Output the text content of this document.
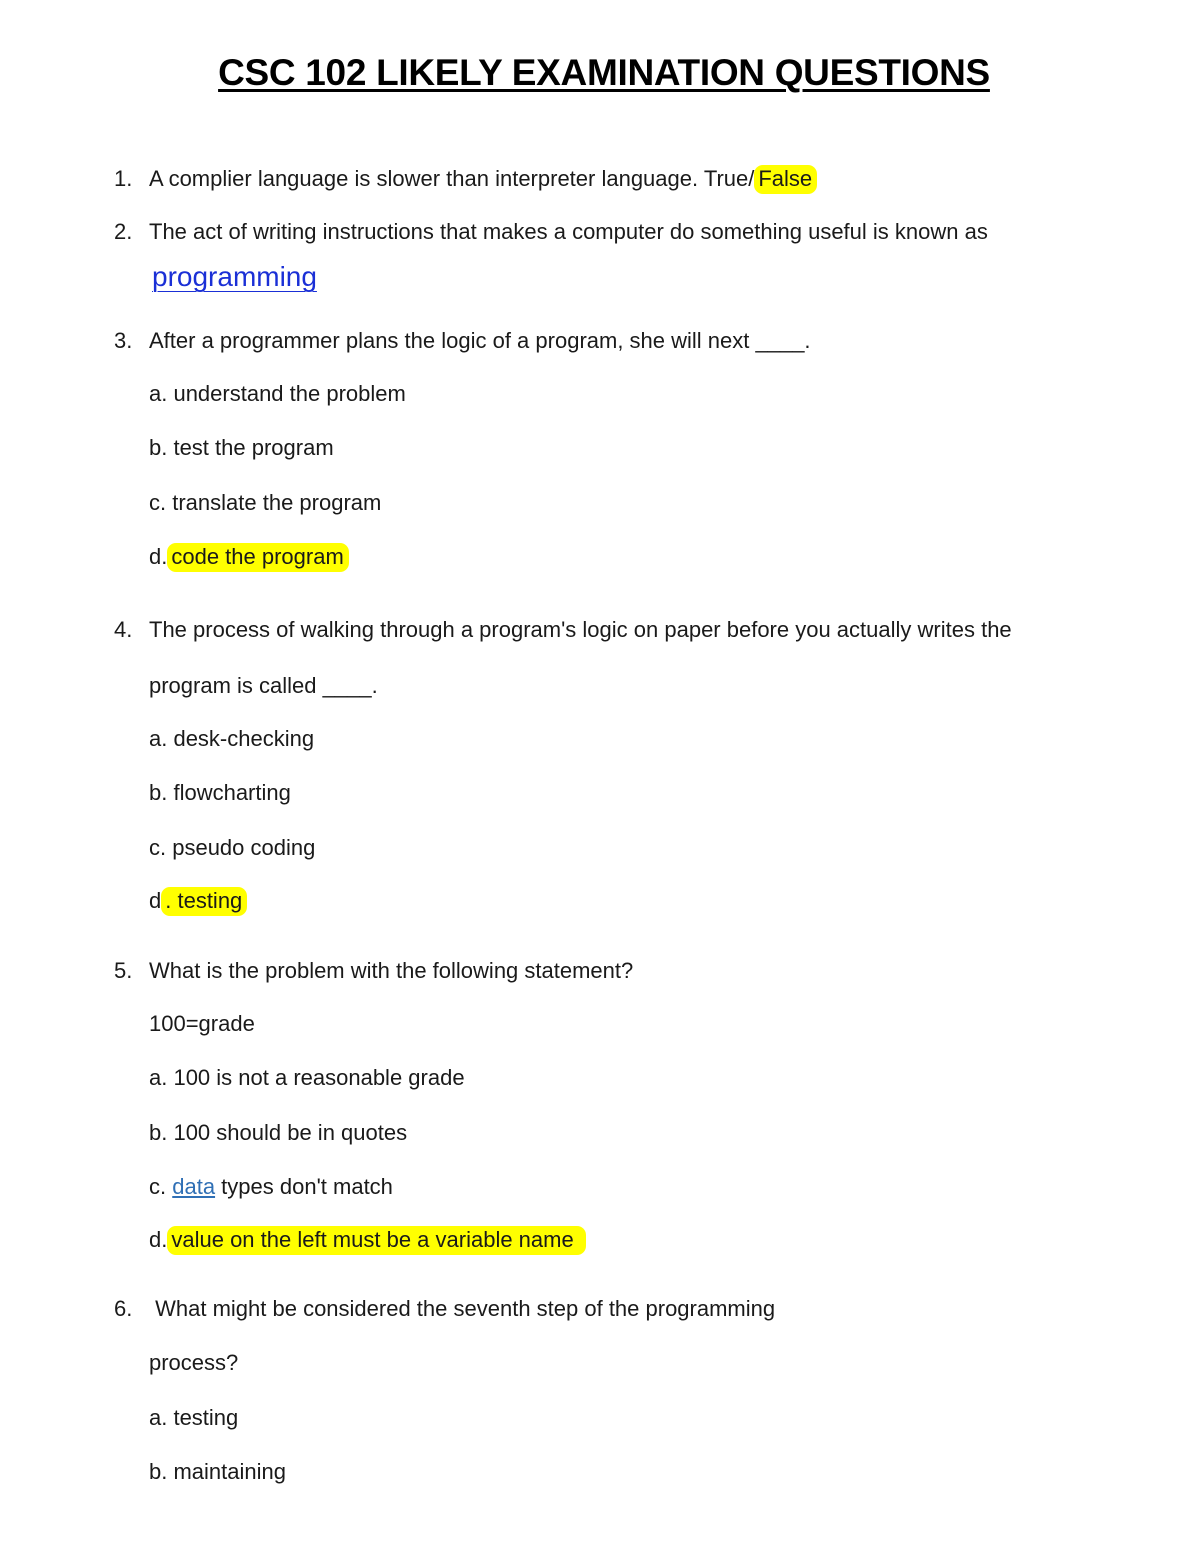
CSC 102 LIKELY EXAMINATION QUESTIONS
1. A complier language is slower than interpreter language. True/ False
2. The act of writing instructions that makes a computer do something useful is known as
programming
3. After a programmer plans the logic of a program, she will next ____.
a. understand the problem
b. test the program
c. translate the program
d. code the program
4. The process of walking through a program's logic on paper before you actually writes the
program is called ____.
a. desk-checking
b. flowcharting
c. pseudo coding
d . testing
5. What is the problem with the following statement?
100=grade
a. 100 is not a reasonable grade
b. 100 should be in quotes
c. data types don't match
d. value on the left must be a variable name
6. What might be considered the seventh step of the programming
process?
a. testing
b. maintaining
